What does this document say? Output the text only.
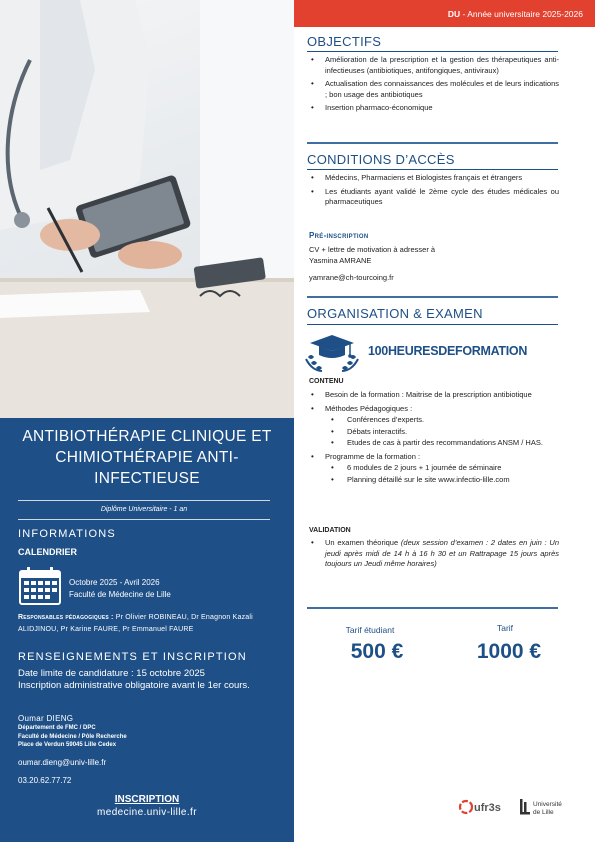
ANTIBIOTHÉRAPIE CLINIQUE ET CHIMIOTHÉRAPIE ANTI-INFECTIEUSE
Diplôme Universitaire - 1 an
INFORMATIONS
CALENDRIER
Octobre 2025 - Avril 2026
Faculté de Médecine de Lille
Responsables pédagogiques : Pr Olivier ROBINEAU, Dr Enagnon Kazali ALIDJINOU, Pr Karine FAURE, Pr Emmanuel FAURE
RENSEIGNEMENTS ET INSCRIPTION
Date limite de candidature : 15 octobre 2025
Inscription administrative obligatoire avant le 1er cours.
Oumar DIENG
Département de FMC / DPC
Faculté de Médecine / Pôle Recherche
Place de Verdun 59045 Lille Cedex
oumar.dieng@univ-lille.fr
03.20.62.77.72
INSCRIPTION
medecine.univ-lille.fr
DU - Année universitaire 2025-2026
OBJECTIFS
• Amélioration de la prescription et la gestion des thérapeutiques anti-infectieuses (antibiotiques, antifongiques, antiviraux)
• Actualisation des connaissances des molécules et de leurs indications ; bon usage des antibiotiques
• Insertion pharmaco-économique
CONDITIONS D’ACCÈS
• Médecins, Pharmaciens et Biologistes français et étrangers
• Les étudiants ayant validé le 2ème cycle des études médicales ou pharmaceutiques
Pré-inscription
CV + lettre de motivation à adresser à
Yasmina AMRANE
yamrane@ch-tourcoing.fr
ORGANISATION & EXAMEN
100HEURESDEFORMATION
CONTENU
• Besoin de la formation : Maitrise de la prescription antibiotique
• Méthodes Pédagogiques :
• Conférences d’experts.
• Débats interactifs.
• Etudes de cas à partir des recommandations ANSM / HAS.
• Programme de la formation :
• 6 modules de 2 jours + 1 journée de séminaire
• Planning détaillé sur le site www.infectio-lille.com
VALIDATION
• Un examen théorique (deux session d’examen : 2 dates en juin : Un jeudi après midi de 14 h à 16 h 30 et un Rattrapage 15 jours après toujours un Jeudi même horaires)
Tarif étudiant
500 €
Tarif
1000 €
ufr3s	Université
de Lille
